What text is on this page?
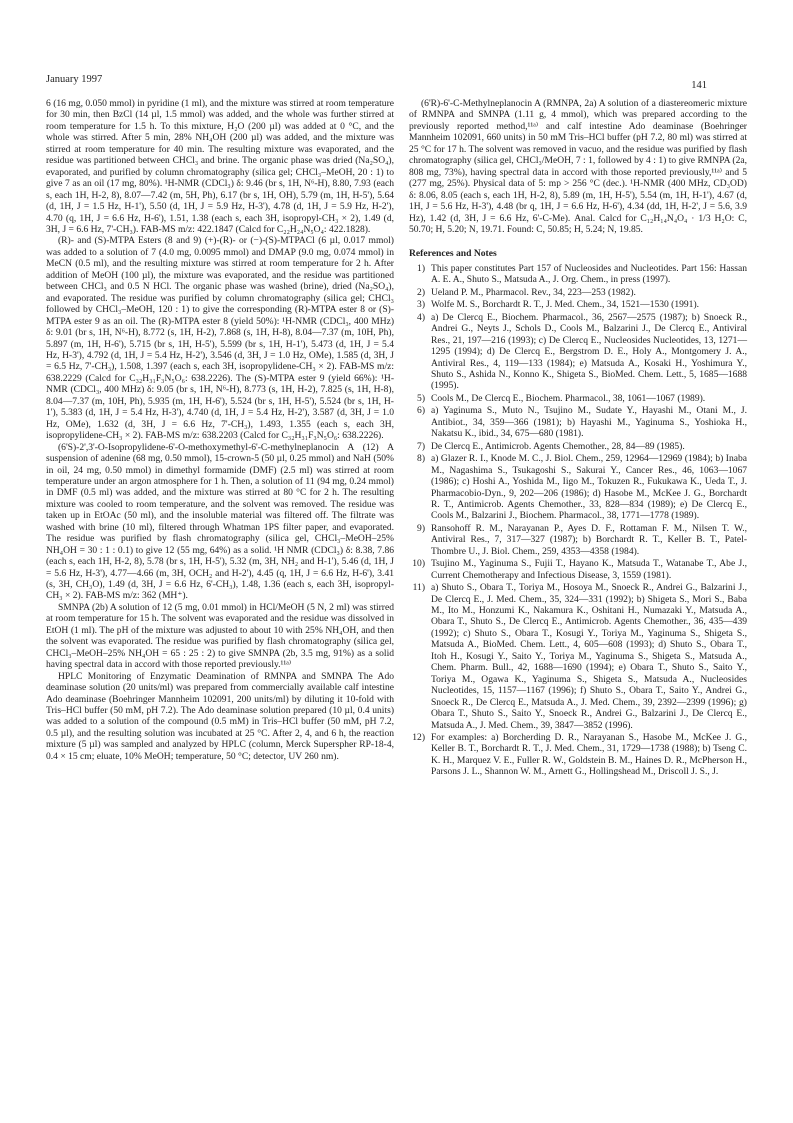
January 1997
141

6 (16 mg, 0.050 mmol) in pyridine (1 ml), and the mixture was stirred at room temperature for 30 min, then BzCl (14 µl, 1.5 mmol) was added, and the whole was further stirred at room temperature for 1.5 h. To this mixture, H₂O (200 µl) was added at 0 °C, and the whole was stirred. After 5 min, 28% NH₄OH (200 µl) was added, and the mixture was stirred at room temperature for 40 min. The resulting mixture was evaporated, and the residue was partitioned between CHCl₃ and brine. The organic phase was dried (Na₂SO₄), evaporated, and purified by column chromatography (silica gel; CHCl₃–MeOH, 20 : 1) to give 7 as an oil (17 mg, 80%). ¹H-NMR (CDCl₃) δ: 9.46 (br s, 1H, N⁶-H), 8.80, 7.93 (each s, each 1H, H-2, 8), 8.07—7.42 (m, 5H, Ph), 6.17 (br s, 1H, OH), 5.79 (m, 1H, H-5'), 5.64 (d, 1H, J = 1.5 Hz, H-1'), 5.50 (d, 1H, J = 5.9 Hz, H-3'), 4.78 (d, 1H, J = 5.9 Hz, H-2'), 4.70 (q, 1H, J = 6.6 Hz, H-6'), 1.51, 1.38 (each s, each 3H, isopropyl-CH₃ × 2), 1.49 (d, 3H, J = 6.6 Hz, 7'-CH₃). FAB-MS m/z: 422.1847 (Calcd for C₂₂H₂₄N₅O₄: 422.1828).

(R)- and (S)-MTPA Esters (8 and 9) (+)-(R)- or (−)-(S)-MTPACl (6 µl, 0.017 mmol) was added to a solution of 7 (4.0 mg, 0.0095 mmol) and DMAP (9.0 mg, 0.074 mmol) in MeCN (0.5 ml), and the resulting mixture was stirred at room temperature for 2 h. After addition of MeOH (100 µl), the mixture was evaporated, and the residue was partitioned between CHCl₃ and 0.5 N HCl. The organic phase was washed (brine), dried (Na₂SO₄), and evaporated. The residue was purified by column chromatography (silica gel; CHCl₃ followed by CHCl₃–MeOH, 120 : 1) to give the corresponding (R)-MTPA ester 8 or (S)-MTPA ester 9 as an oil. The (R)-MTPA ester 8 (yield 50%): ¹H-NMR (CDCl₃, 400 MHz) δ: 9.01 (br s, 1H, N⁶-H), 8.772 (s, 1H, H-2), 7.868 (s, 1H, H-8), 8.04—7.37 (m, 10H, Ph), 5.897 (m, 1H, H-6'), 5.715 (br s, 1H, H-5'), 5.599 (br s, 1H, H-1'), 5.473 (d, 1H, J = 5.4 Hz, H-3'), 4.792 (d, 1H, J = 5.4 Hz, H-2'), 3.546 (d, 3H, J = 1.0 Hz, OMe), 1.585 (d, 3H, J = 6.5 Hz, 7'-CH₃), 1.508, 1.397 (each s, each 3H, isopropylidene-CH₃ × 2). FAB-MS m/z: 638.2229 (Calcd for C₃₂H₃₁F₃N₅O₆: 638.2226). The (S)-MTPA ester 9 (yield 66%): ¹H-NMR (CDCl₃, 400 MHz) δ: 9.05 (br s, 1H, N⁶-H), 8.773 (s, 1H, H-2), 7.825 (s, 1H, H-8), 8.04—7.37 (m, 10H, Ph), 5.935 (m, 1H, H-6'), 5.524 (br s, 1H, H-5'), 5.524 (br s, 1H, H-1'), 5.383 (d, 1H, J = 5.4 Hz, H-3'), 4.740 (d, 1H, J = 5.4 Hz, H-2'), 3.587 (d, 3H, J = 1.0 Hz, OMe), 1.632 (d, 3H, J = 6.6 Hz, 7'-CH₃), 1.493, 1.355 (each s, each 3H, isopropylidene-CH₃ × 2). FAB-MS m/z: 638.2203 (Calcd for C₃₂H₃₁F₃N₅O₆: 638.2226).

(6'S)-2',3'-O-Isopropylidene-6'-O-methoxymethyl-6'-C-methylneplanocin A (12) A suspension of adenine (68 mg, 0.50 mmol), 15-crown-5 (50 µl, 0.25 mmol) and NaH (50% in oil, 24 mg, 0.50 mmol) in dimethyl formamide (DMF) (2.5 ml) was stirred at room temperature under an argon atmosphere for 1 h. Then, a solution of 11 (94 mg, 0.24 mmol) in DMF (0.5 ml) was added, and the mixture was stirred at 80 °C for 2 h. The resulting mixture was cooled to room temperature, and the solvent was removed. The residue was taken up in EtOAc (50 ml), and the insoluble material was filtered off. The filtrate was washed with brine (10 ml), filtered through Whatman 1PS filter paper, and evaporated. The residue was purified by flash chromatography (silica gel, CHCl₃–MeOH–25% NH₄OH = 30 : 1 : 0.1) to give 12 (55 mg, 64%) as a solid. ¹H NMR (CDCl₃) δ: 8.38, 7.86 (each s, each 1H, H-2, 8), 5.78 (br s, 1H, H-5'), 5.32 (m, 3H, NH₂ and H-1'), 5.46 (d, 1H, J = 5.6 Hz, H-3'), 4.77—4.66 (m, 3H, OCH₂ and H-2'), 4.45 (q, 1H, J = 6.6 Hz, H-6'), 3.41 (s, 3H, CH₃O), 1.49 (d, 3H, J = 6.6 Hz, 6'-CH₃), 1.48, 1.36 (each s, each 3H, isopropyl-CH₃ × 2). FAB-MS m/z: 362 (MH⁺).

SMNPA (2b) A solution of 12 (5 mg, 0.01 mmol) in HCl/MeOH (5 N, 2 ml) was stirred at room temperature for 15 h. The solvent was evaporated and the residue was dissolved in EtOH (1 ml). The pH of the mixture was adjusted to about 10 with 25% NH₄OH, and then the solvent was evaporated. The residue was purified by flash chromatography (silica gel, CHCl₃–MeOH–25% NH₄OH = 65 : 25 : 2) to give SMNPA (2b, 3.5 mg, 91%) as a solid having spectral data in accord with those reported previously.¹¹ᵃ⁾

HPLC Monitoring of Enzymatic Deamination of RMNPA and SMNPA The Ado deaminase solution (20 units/ml) was prepared from commercially available calf intestine Ado deaminase (Boehringer Mannheim 102091, 200 units/ml) by diluting it 10-fold with Tris–HCl buffer (50 mM, pH 7.2). The Ado deaminase solution prepared (10 µl, 0.4 units) was added to a solution of the compound (0.5 mM) in Tris–HCl buffer (50 mM, pH 7.2, 0.5 µl), and the resulting solution was incubated at 25 °C. After 2, 4, and 6 h, the reaction mixture (5 µl) was sampled and analyzed by HPLC (column, Merck Superspher RP-18-4, 0.4 × 15 cm; eluate, 10% MeOH; temperature, 50 °C; detector, UV 260 nm).

(6'R)-6'-C-Methylneplanocin A (RMNPA, 2a) A solution of a diastereomeric mixture of RMNPA and SMNPA (1.11 g, 4 mmol), which was prepared according to the previously reported method,¹¹ᵃ⁾ and calf intestine Ado deaminase (Boehringer Mannheim 102091, 660 units) in 50 mM Tris–HCl buffer (pH 7.2, 80 ml) was stirred at 25 °C for 17 h. The solvent was removed in vacuo, and the residue was purified by flash chromatography (silica gel, CHCl₃/MeOH, 7 : 1, followed by 4 : 1) to give RMNPA (2a, 808 mg, 73%), having spectral data in accord with those reported previously,¹¹ᵃ⁾ and 5 (277 mg, 25%). Physical data of 5: mp > 256 °C (dec.). ¹H-NMR (400 MHz, CD₃OD) δ: 8.06, 8.05 (each s, each 1H, H-2, 8), 5.89 (m, 1H, H-5'), 5.54 (m, 1H, H-1'), 4.67 (d, 1H, J = 5.6 Hz, H-3'), 4.48 (br q, 1H, J = 6.6 Hz, H-6'), 4.34 (dd, 1H, H-2', J = 5.6, 3.9 Hz), 1.42 (d, 3H, J = 6.6 Hz, 6'-C-Me). Anal. Calcd for C₁₂H₁₄N₄O₄ · 1/3 H₂O: C, 50.70; H, 5.20; N, 19.71. Found: C, 50.85; H, 5.24; N, 19.85.

References and Notes
1) This paper constitutes Part 157 of Nucleosides and Nucleotides. Part 156: Hassan A. E. A., Shuto S., Matsuda A., J. Org. Chem., in press (1997).
2) Ueland P. M., Pharmacol. Rev., 34, 223—253 (1982).
3) Wolfe M. S., Borchardt R. T., J. Med. Chem., 34, 1521—1530 (1991).
4) a) De Clercq E., Biochem. Pharmacol., 36, 2567—2575 (1987); b) Snoeck R., Andrei G., Neyts J., Schols D., Cools M., Balzarini J., De Clercq E., Antiviral Res., 21, 197—216 (1993); c) De Clercq E., Nucleosides Nucleotides, 13, 1271—1295 (1994); d) De Clercq E., Bergstrom D. E., Holy A., Montgomery J. A., Antiviral Res., 4, 119—133 (1984); e) Matsuda A., Kosaki H., Yoshimura Y., Shuto S., Ashida N., Konno K., Shigeta S., BioMed. Chem. Lett., 5, 1685—1688 (1995).
5) Cools M., De Clercq E., Biochem. Pharmacol., 38, 1061—1067 (1989).
6) a) Yaginuma S., Muto N., Tsujino M., Sudate Y., Hayashi M., Otani M., J. Antibiot., 34, 359—366 (1981); b) Hayashi M., Yaginuma S., Yoshioka H., Nakatsu K., ibid., 34, 675—680 (1981).
7) De Clercq E., Antimicrob. Agents Chemother., 28, 84—89 (1985).
8) a) Glazer R. I., Knode M. C., J. Biol. Chem., 259, 12964—12969 (1984); b) Inaba M., Nagashima S., Tsukagoshi S., Sakurai Y., Cancer Res., 46, 1063—1067 (1986); c) Hoshi A., Yoshida M., Iigo M., Tokuzen R., Fukukawa K., Ueda T., J. Pharmacobio-Dyn., 9, 202—206 (1986); d) Hasobe M., McKee J. G., Borchardt R. T., Antimicrob. Agents Chemother., 33, 828—834 (1989); e) De Clercq E., Cools M., Balzarini J., Biochem. Pharmacol., 38, 1771—1778 (1989).
9) Ransohoff R. M., Narayanan P., Ayes D. F., Rottaman F. M., Nilsen T. W., Antiviral Res., 7, 317—327 (1987); b) Borchardt R. T., Keller B. T., Patel-Thombre U., J. Biol. Chem., 259, 4353—4358 (1984).
10) Tsujino M., Yaginuma S., Fujii T., Hayano K., Matsuda T., Watanabe T., Abe J., Current Chemotherapy and Infectious Disease, 3, 1559 (1981).
11) a) Shuto S., Obara T., Toriya M., Hosoya M., Snoeck R., Andrei G., Balzarini J., De Clercq E., J. Med. Chem., 35, 324—331 (1992); b) Shigeta S., Mori S., Baba M., Ito M., Honzumi K., Nakamura K., Oshitani H., Numazaki Y., Matsuda A., Obara T., Shuto S., De Clercq E., Antimicrob. Agents Chemother., 36, 435—439 (1992); c) Shuto S., Obara T., Kosugi Y., Toriya M., Yaginuma S., Shigeta S., Matsuda A., BioMed. Chem. Lett., 4, 605—608 (1993); d) Shuto S., Obara T., Itoh H., Kosugi Y., Saito Y., Toriya M., Yaginuma S., Shigeta S., Matsuda A., Chem. Pharm. Bull., 42, 1688—1690 (1994); e) Obara T., Shuto S., Saito Y., Toriya M., Ogawa K., Yaginuma S., Shigeta S., Matsuda A., Nucleosides Nucleotides, 15, 1157—1167 (1996); f) Shuto S., Obara T., Saito Y., Andrei G., Snoeck R., De Clercq E., Matsuda A., J. Med. Chem., 39, 2392—2399 (1996); g) Obara T., Shuto S., Saito Y., Snoeck R., Andrei G., Balzarini J., De Clercq E., Matsuda A., J. Med. Chem., 39, 3847—3852 (1996).
12) For examples: a) Borcherding D. R., Narayanan S., Hasobe M., McKee J. G., Keller B. T., Borchardt R. T., J. Med. Chem., 31, 1729—1738 (1988); b) Tseng C. K. H., Marquez V. E., Fuller R. W., Goldstein B. M., Haines D. R., McPherson H., Parsons J. L., Shannon W. M., Arnett G., Hollingshead M., Driscoll J. S., J.
